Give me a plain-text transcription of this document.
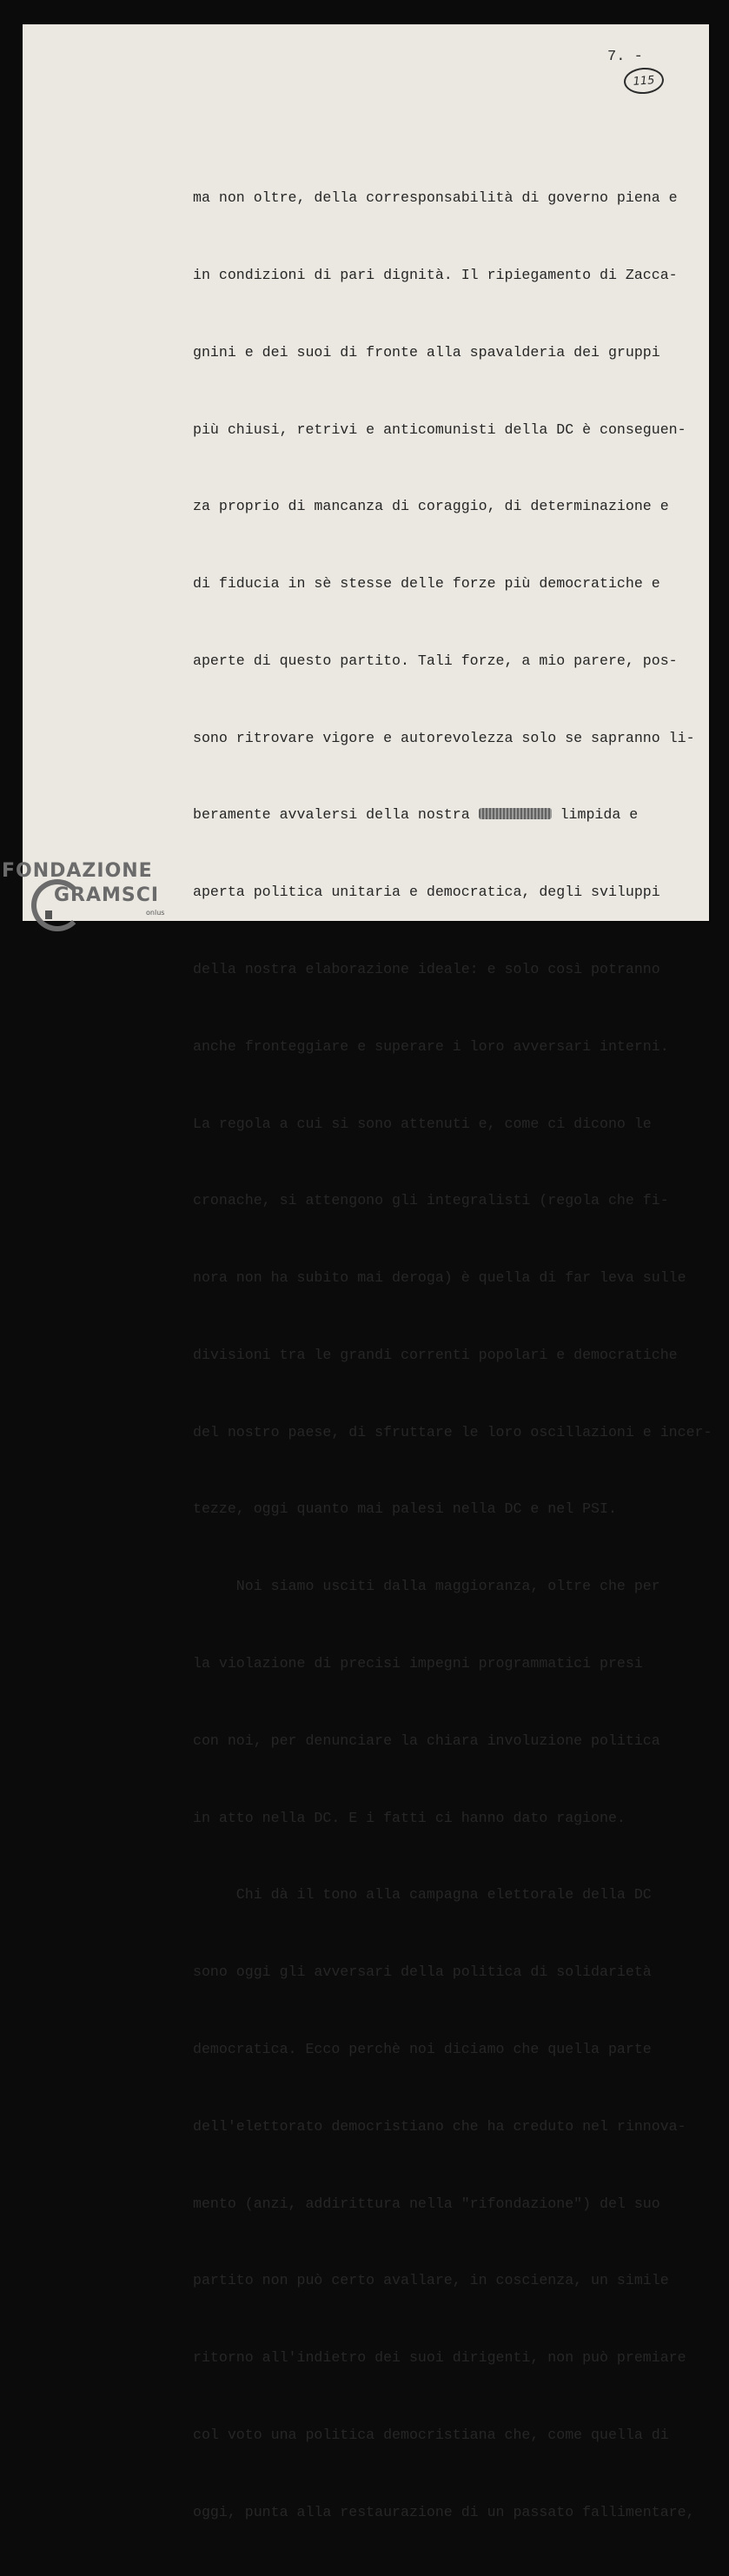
7. -
115

ma non oltre, della corresponsabilità di governo piena e

in condizioni di pari dignità. Il ripiegamento di Zacca-

gnini e dei suoi di fronte alla spavalderia dei gruppi

più chiusi, retrivi e anticomunisti della DC è conseguen-

za proprio di mancanza di coraggio, di determinazione e

di fiducia in sè stesse delle forze più democratiche e

aperte di questo partito. Tali forze, a mio parere, pos-

sono ritrovare vigore e autorevolezza solo se sapranno li-

beramente avvalersi della nostra	limpida e

aperta politica unitaria e democratica, degli sviluppi

della nostra elaborazione ideale: e solo così potranno

anche fronteggiare e superare i loro avversari interni.

La regola a cui si sono attenuti e, come ci dicono le

cronache, si attengono gli integralisti (regola che fi-

nora non ha subito mai deroga) è quella di far leva sulle

divisioni tra le grandi correnti popolari e democratiche

del nostro paese, di sfruttare le loro oscillazioni e incer-

tezze, oggi quanto mai palesi nella DC e nel PSI.

Noi siamo usciti dalla maggioranza, oltre che per

la violazione di precisi impegni programmatici presi

con noi, per denunciare la chiara involuzione politica

in atto nella DC. E i fatti ci hanno dato ragione.

Chi dà il tono alla campagna elettorale della DC

sono oggi gli avversari della politica di solidarietà

democratica. Ecco perchè noi diciamo che quella parte

dell'elettorato democristiano che ha creduto nel rinnova-

mento (anzi, addirittura nella "rifondazione") del suo

partito non può certo avallare, in coscienza, un simile

ritorno all'indietro dei suoi dirigenti, non può premiare

col voto una politica democristiana che, come quella di

oggi, punta alla restaurazione di un passato fallimentare,

FONDAZIONE
GRAMSCI
onlus
